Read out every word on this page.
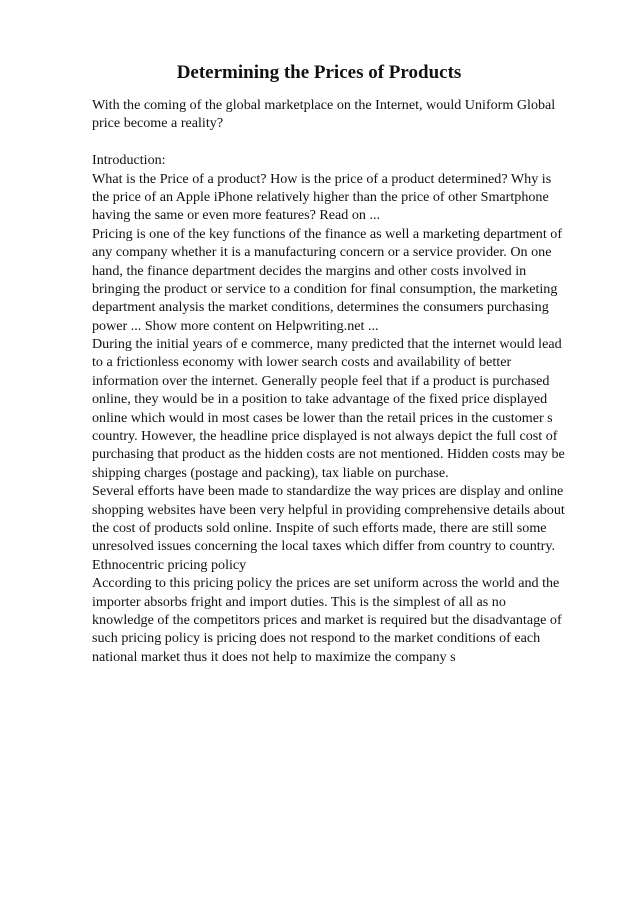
Determining the Prices of Products
With the coming of the global marketplace on the Internet, would Uniform Global
price become a reality?
Introduction:
What is the Price of a product? How is the price of a product determined? Why is
the price of an Apple iPhone relatively higher than the price of other Smartphone
having the same or even more features? Read on ...
Pricing is one of the key functions of the finance as well a marketing department of
any company whether it is a manufacturing concern or a service provider. On one
hand, the finance department decides the margins and other costs involved in
bringing the product or service to a condition for final consumption, the marketing
department analysis the market conditions, determines the consumers purchasing
power ... Show more content on Helpwriting.net ...
During the initial years of e commerce, many predicted that the internet would lead
to a frictionless economy with lower search costs and availability of better
information over the internet. Generally people feel that if a product is purchased
online, they would be in a position to take advantage of the fixed price displayed
online which would in most cases be lower than the retail prices in the customer s
country. However, the headline price displayed is not always depict the full cost of
purchasing that product as the hidden costs are not mentioned. Hidden costs may be
shipping charges (postage and packing), tax liable on purchase.
Several efforts have been made to standardize the way prices are display and online
shopping websites have been very helpful in providing comprehensive details about
the cost of products sold online. Inspite of such efforts made, there are still some
unresolved issues concerning the local taxes which differ from country to country.
Ethnocentric pricing policy
According to this pricing policy the prices are set uniform across the world and the
importer absorbs fright and import duties. This is the simplest of all as no
knowledge of the competitors prices and market is required but the disadvantage of
such pricing policy is pricing does not respond to the market conditions of each
national market thus it does not help to maximize the company s
